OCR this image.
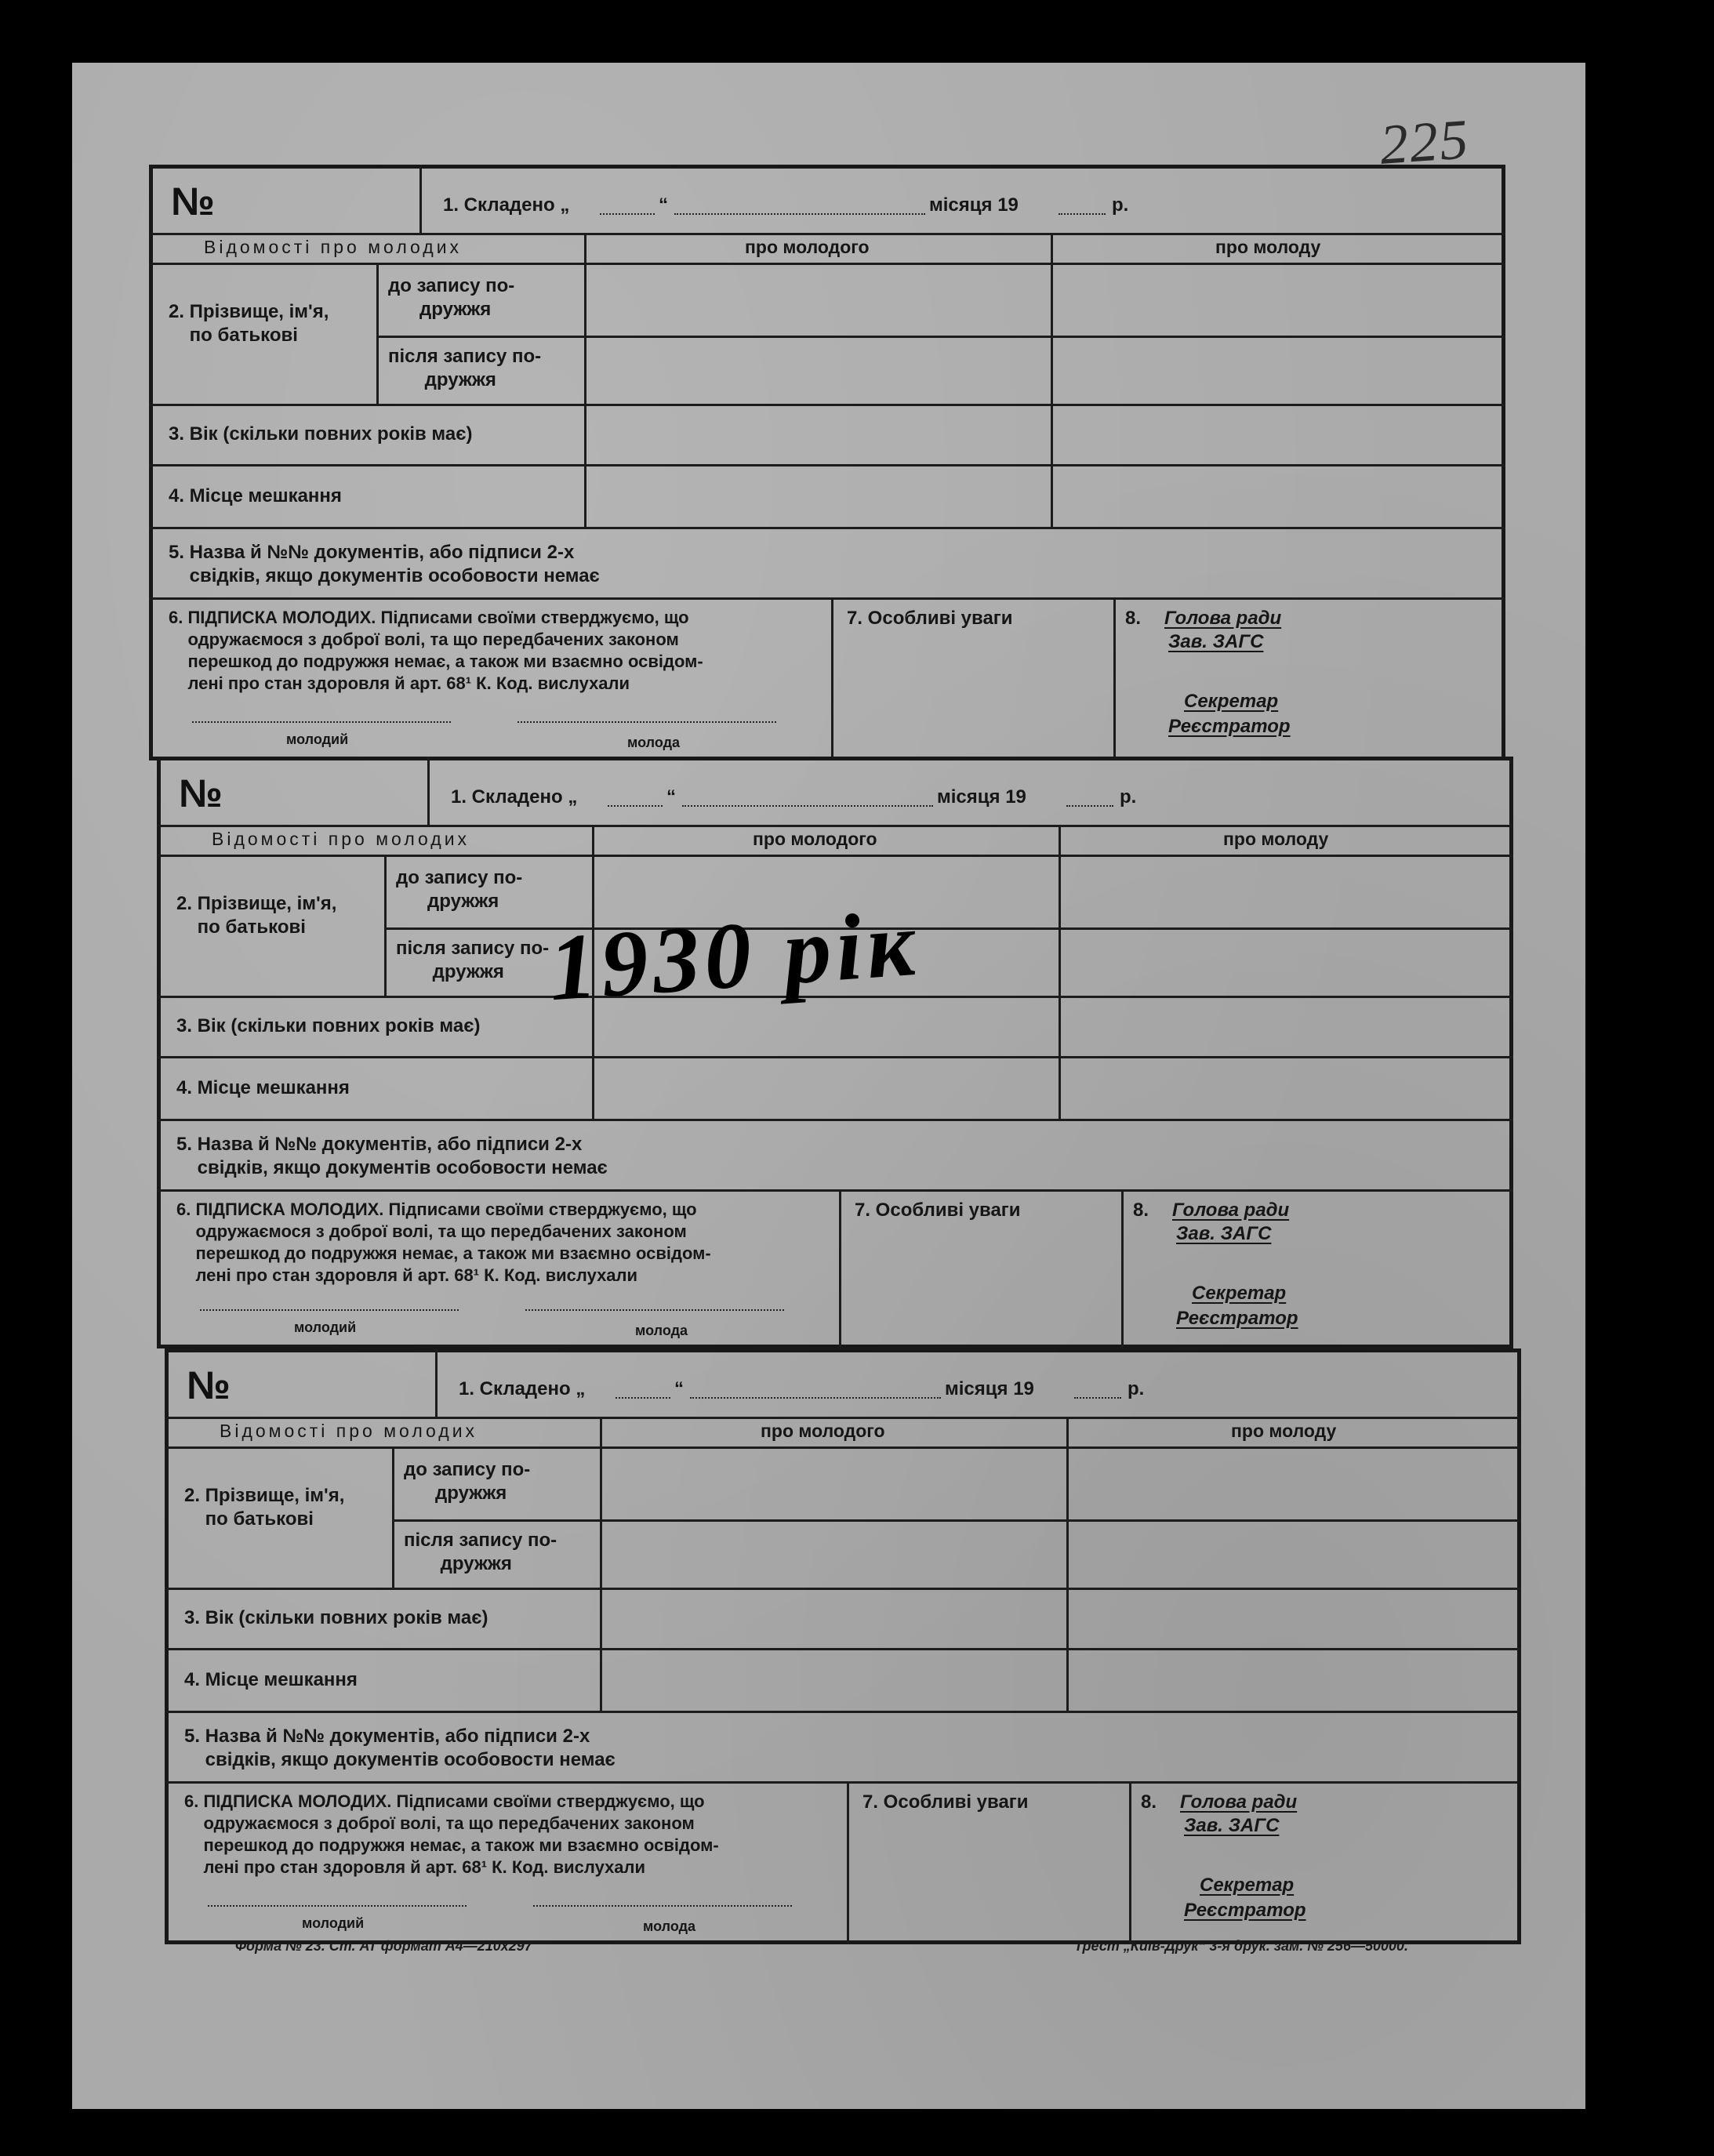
225
№	1. Складено „	“	місяця 19	р.
Відомості про молодих	про молодого	про молоду
2. Прізвище, ім'я,
по батькові
до запису по-
дружжя
після запису по-
дружжя
3. Вік (скільки повних років має)
4. Місце мешкання
5. Назва й №№ документів, або підписи 2-х
свідків, якщо документів особовости немає
6. ПІДПИСКА МОЛОДИХ. Підписами своїми стверджуємо, що
одружаємося з доброї волі, та що передбачених законом
перешкод до подружжя немає, а також ми взаємно освідом-
лені про стан здоровля й арт. 68¹ К. Код. вислухали
молодий	молода
7. Особливі уваги	8. Голова ради
Зав. ЗАГС
Секретар
Реєстратор
№	1. Складено „	“	місяця 19	р.
Відомості про молодих	про молодого	про молоду
2. Прізвище, ім'я,
по батькові
до запису по-
дружжя
після запису по-
дружжя
3. Вік (скільки повних років має)
4. Місце мешкання
5. Назва й №№ документів, або підписи 2-х
свідків, якщо документів особовости немає
6. ПІДПИСКА МОЛОДИХ. Підписами своїми стверджуємо, що
одружаємося з доброї волі, та що передбачених законом
перешкод до подружжя немає, а також ми взаємно освідом-
лені про стан здоровля й арт. 68¹ К. Код. вислухали
молодий	молода
7. Особливі уваги	8. Голова ради
Зав. ЗАГС
Секретар
Реєстратор
№	1. Складено „	“	місяця 19	р.
Відомості про молодих	про молодого	про молоду
2. Прізвище, ім'я,
по батькові
до запису по-
дружжя
після запису по-
дружжя
3. Вік (скільки повних років має)
4. Місце мешкання
5. Назва й №№ документів, або підписи 2-х
свідків, якщо документів особовости немає
6. ПІДПИСКА МОЛОДИХ. Підписами своїми стверджуємо, що
одружаємося з доброї волі, та що передбачених законом
перешкод до подружжя немає, а також ми взаємно освідом-
лені про стан здоровля й арт. 68¹ К. Код. вислухали
молодий	молода
7. Особливі уваги	8. Голова ради
Зав. ЗАГС
Секретар
Реєстратор
1930 рік
Форма № 23. Ст. АТ формат А4—210х297	Трест „Київ-Друк“ 3-я друк. зам. № 256—50000.
